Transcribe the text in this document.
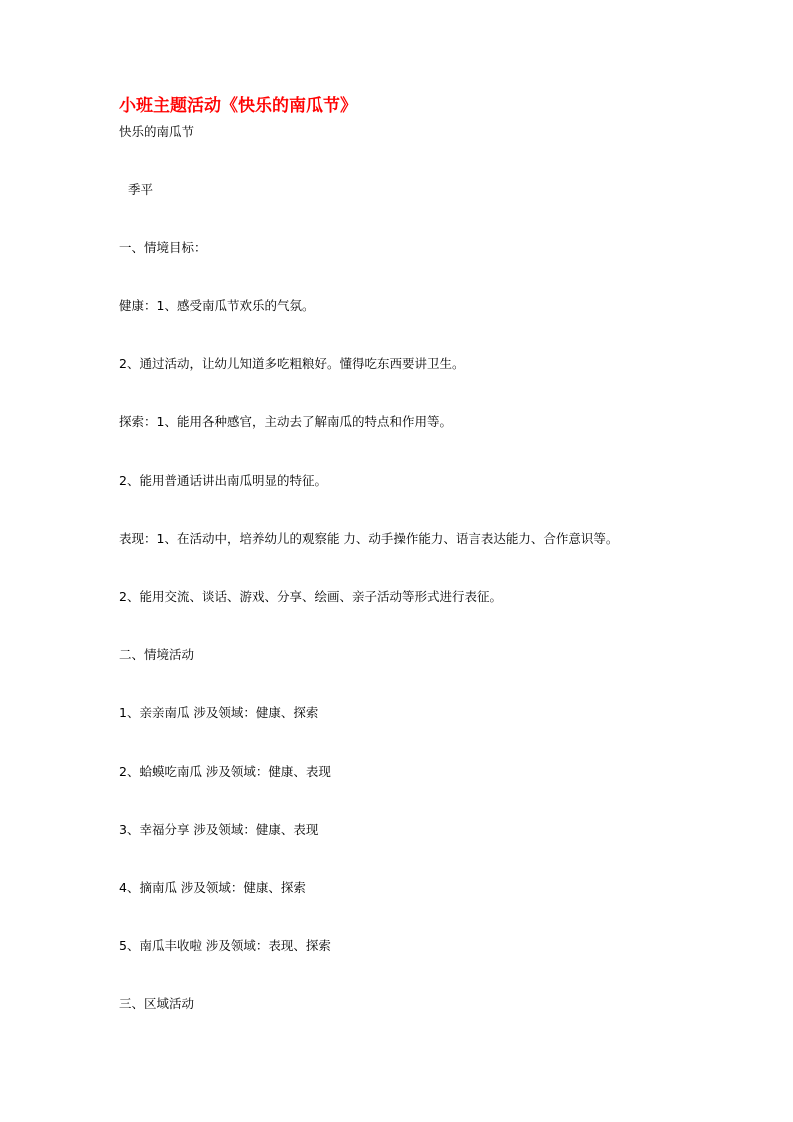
小班主题活动《快乐的南瓜节》
快乐的南瓜节
季平
一、情境目标：
健康：1、感受南瓜节欢乐的气氛。
2、通过活动，让幼儿知道多吃粗粮好。懂得吃东西要讲卫生。
探索：1、能用各种感官，主动去了解南瓜的特点和作用等。
2、能用普通话讲出南瓜明显的特征。
表现：1、在活动中，培养幼儿的观察能 力、动手操作能力、语言表达能力、合作意识等。
2、能用交流、谈话、游戏、分享、绘画、亲子活动等形式进行表征。
二、情境活动
1、亲亲南瓜 涉及领域：健康、探索
2、蛤蟆吃南瓜 涉及领域：健康、表现
3、幸福分享 涉及领域：健康、表现
4、摘南瓜 涉及领域：健康、探索
5、南瓜丰收啦 涉及领域：表现、探索
三、区域活动
